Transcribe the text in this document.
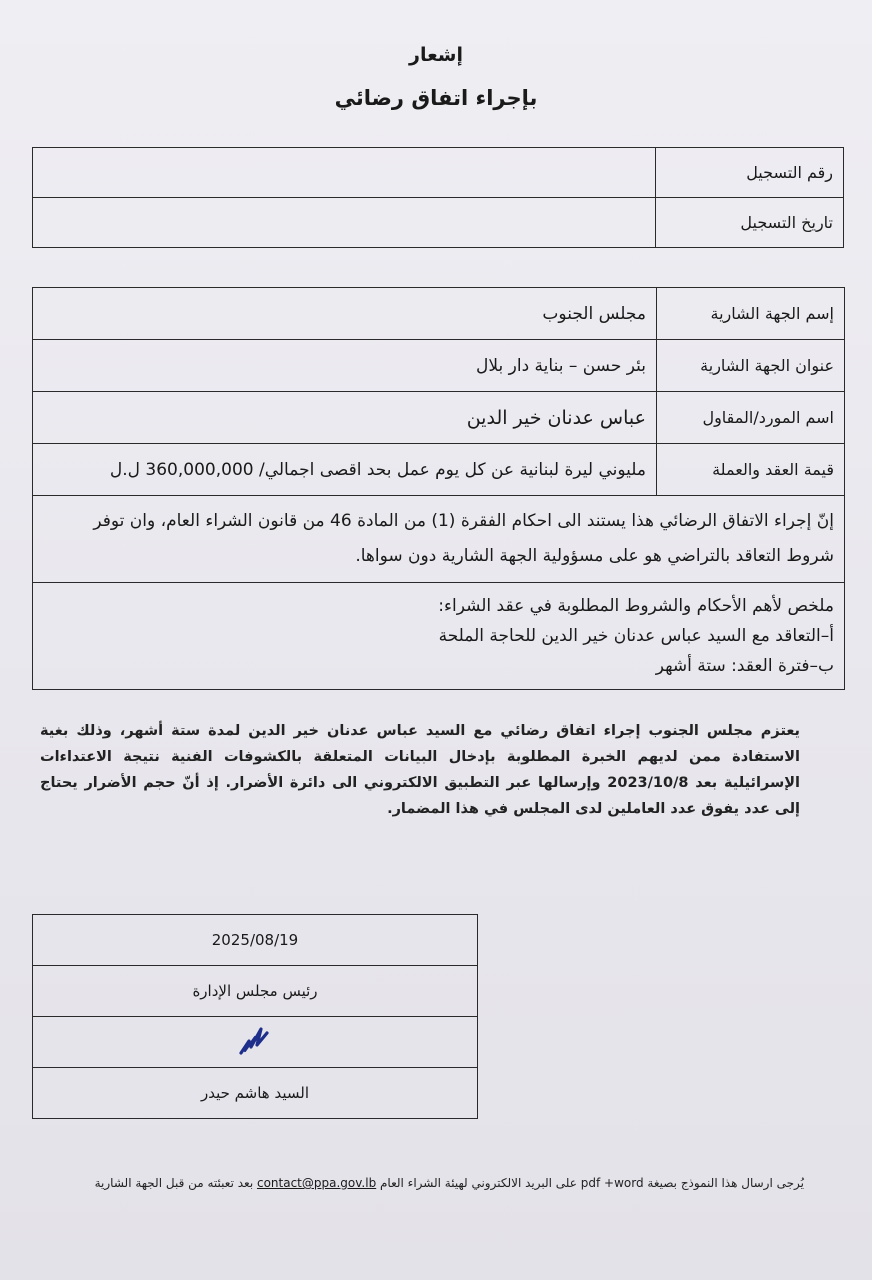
إشعار
بإجراء اتفاق رضائي
رقم التسجيل	
تاريخ التسجيل	
إسم الجهة الشارية	مجلس الجنوب
عنوان الجهة الشارية	بئر حسن – بناية دار بلال
اسم المورد/المقاول	عباس عدنان خير الدين
قيمة العقد والعملة	مليوني ليرة لبنانية عن كل يوم عمل بحد اقصى اجمالي/ 360,000,000 ل.ل
إنّ إجراء الاتفاق الرضائي هذا يستند الى احكام الفقرة (1) من المادة 46 من قانون الشراء العام، وان توفر شروط التعاقد بالتراضي هو على مسؤولية الجهة الشارية دون سواها.	

ملخص لأهم الأحكام والشروط المطلوبة في عقد الشراء:
أ–التعاقد مع السيد عباس عدنان خير الدين للحاجة الملحة
ب–فترة العقد: ستة أشهر	
يعتزم مجلس الجنوب إجراء اتفاق رضائي مع السيد عباس عدنان خير الدين لمدة ستة أشهر، وذلك بغية الاستفادة ممن لديهم الخبرة المطلوبة بإدخال البيانات المتعلقة بالكشوفات الفنية نتيجة الاعتداءات الإسرائيلية بعد 2023/10/8 وإرسالها عبر التطبيق الالكتروني الى دائرة الأضرار. إذ أنّ حجم الأضرار يحتاج إلى عدد يفوق عدد العاملين لدى المجلس في هذا المضمار.
2025/08/19
رئيس مجلس الإدارة

السيد هاشم حيدر
يُرجى ارسال هذا النموذج بصيغة pdf +word على البريد الالكتروني لهيئة الشراء العام contact@ppa.gov.lb بعد تعبئته من قبل الجهة الشارية
